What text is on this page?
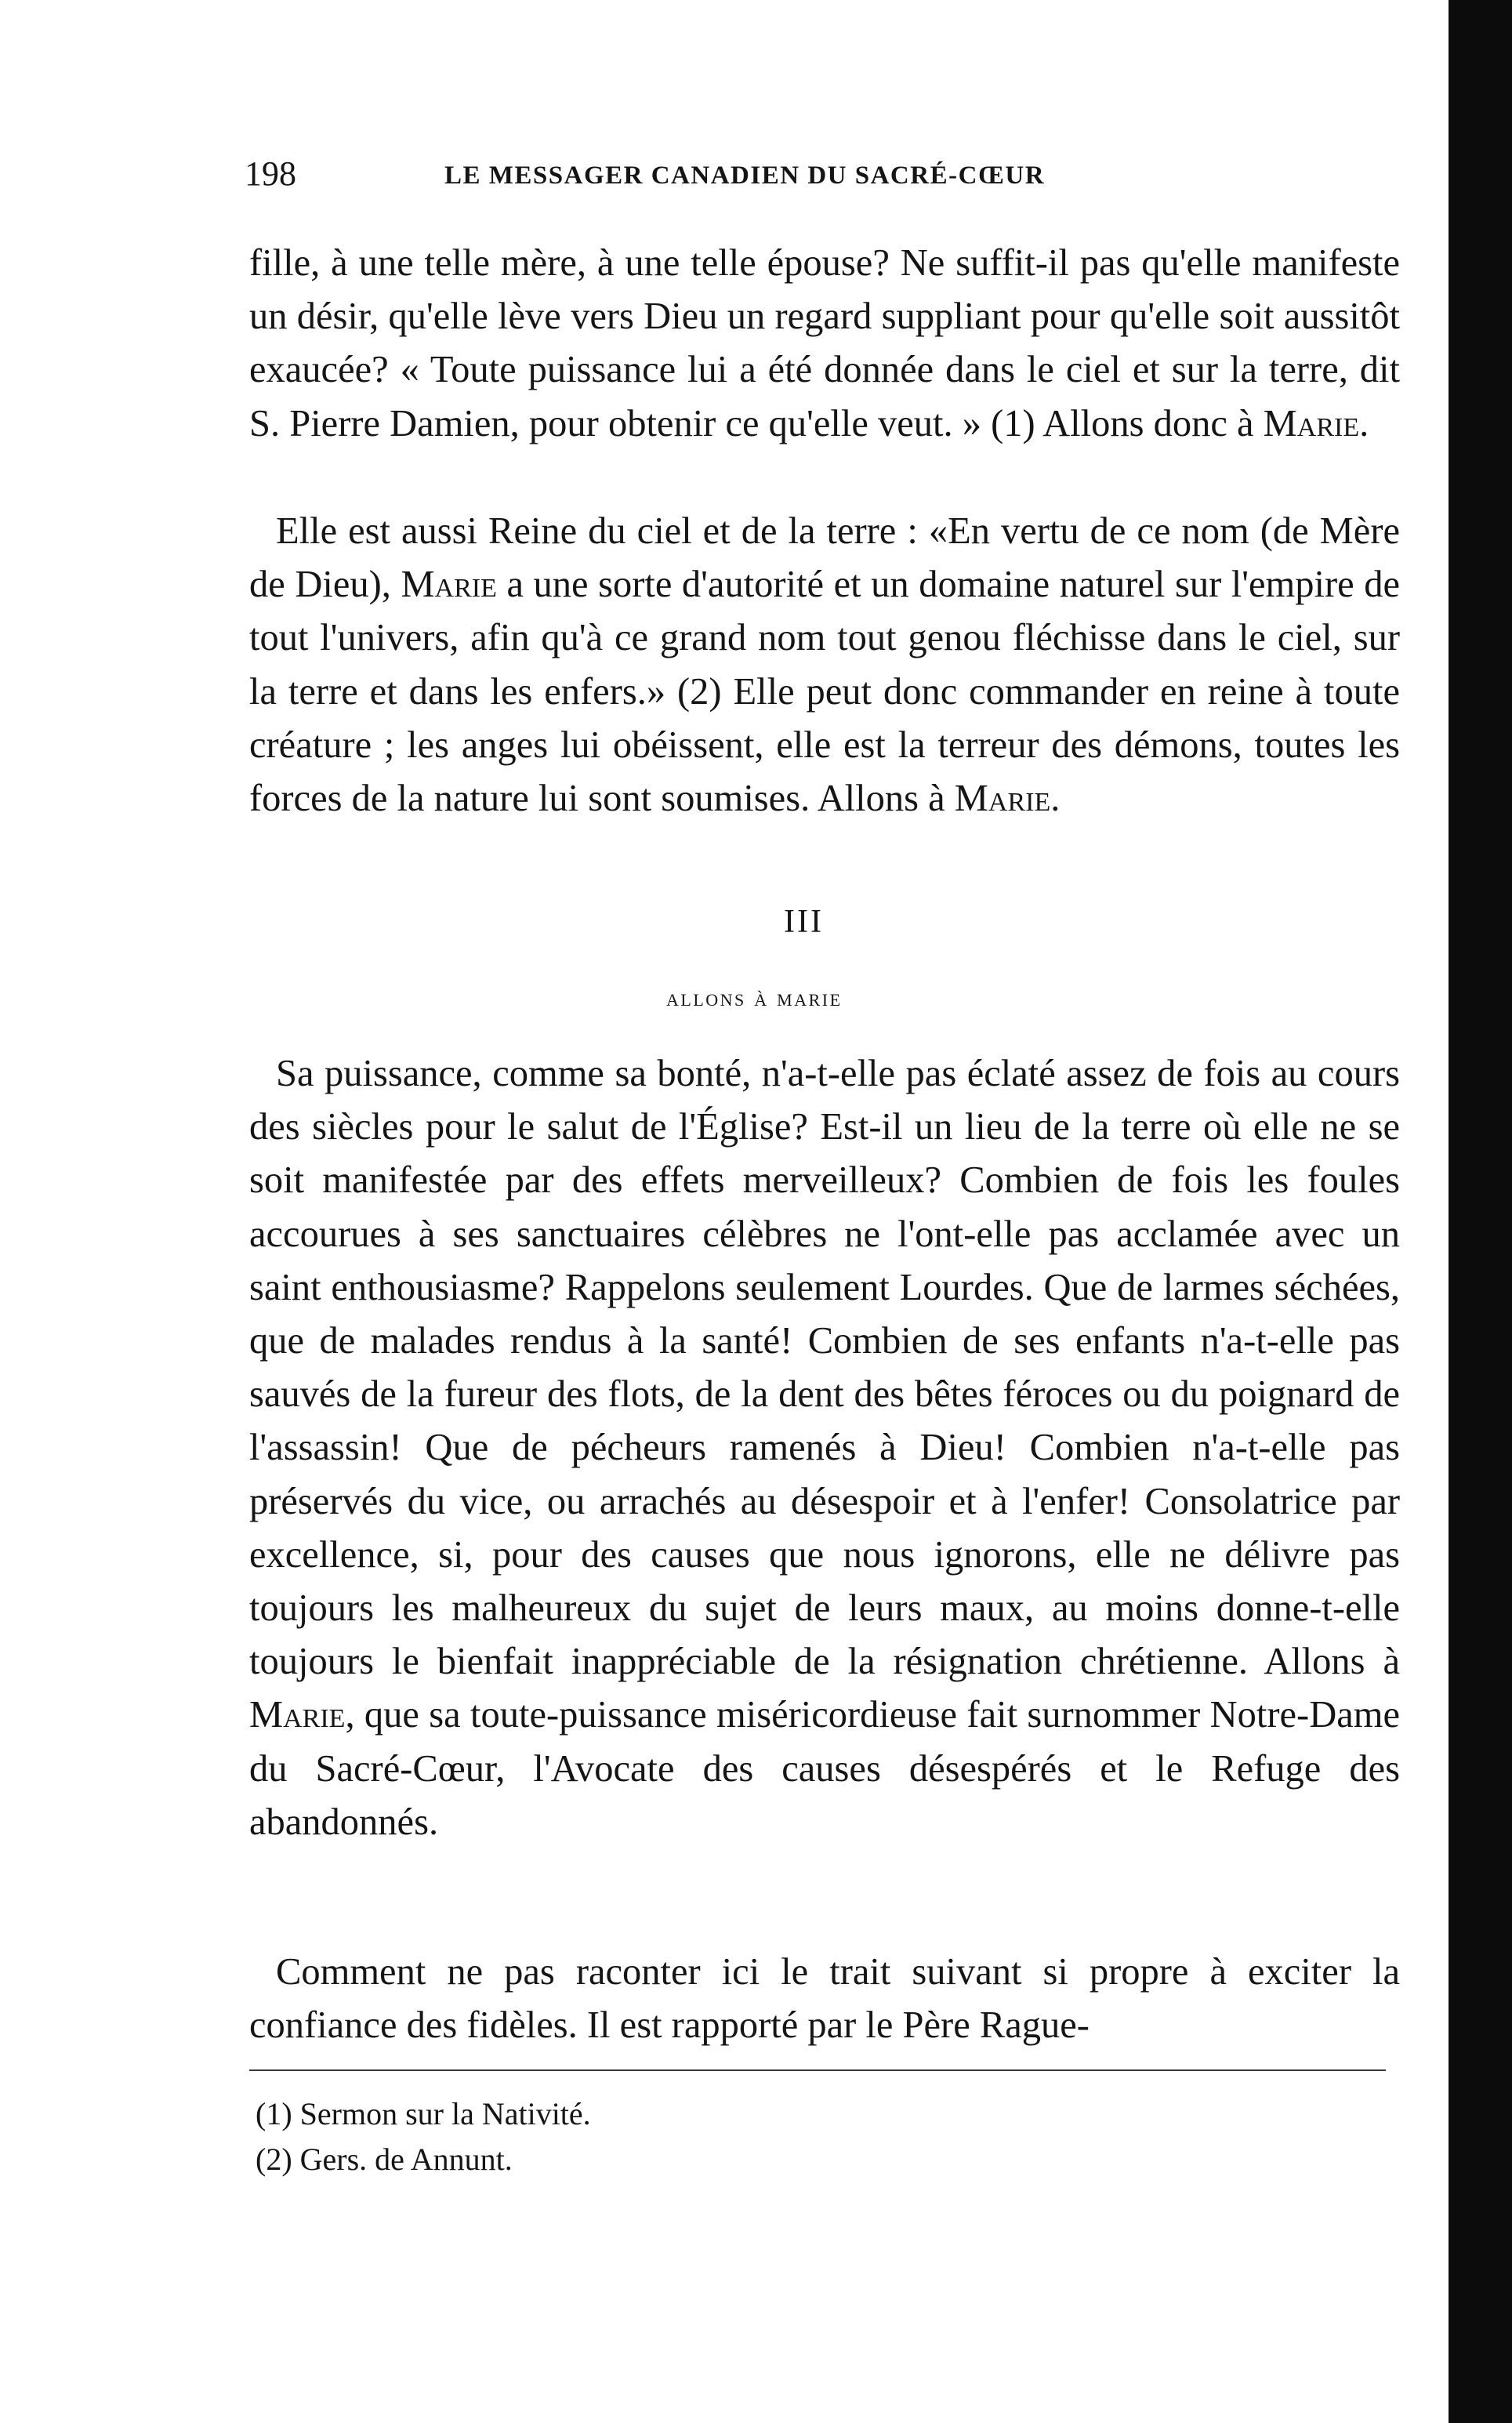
198	LE MESSAGER CANADIEN DU SACRÉ-CŒUR

fille, à une telle mère, à une telle épouse? Ne suffit-il pas qu'elle manifeste un désir, qu'elle lève vers Dieu un regard suppliant pour qu'elle soit aussitôt exaucée? « Toute puissance lui a été donnée dans le ciel et sur la terre, dit S. Pierre Damien, pour obtenir ce qu'elle veut. » (1) Allons donc à Marie.

Elle est aussi Reine du ciel et de la terre : «En vertu de ce nom (de Mère de Dieu), Marie a une sorte d'autorité et un domaine naturel sur l'empire de tout l'univers, afin qu'à ce grand nom tout genou fléchisse dans le ciel, sur la terre et dans les enfers.» (2) Elle peut donc commander en reine à toute créature ; les anges lui obéissent, elle est la terreur des démons, toutes les forces de la nature lui sont soumises. Allons à Marie.

III
allons à marie

Sa puissance, comme sa bonté, n'a-t-elle pas éclaté assez de fois au cours des siècles pour le salut de l'Église? Est-il un lieu de la terre où elle ne se soit manifestée par des effets merveilleux? Combien de fois les foules accourues à ses sanctuaires célèbres ne l'ont-elle pas acclamée avec un saint enthousiasme? Rappelons seulement Lourdes. Que de larmes séchées, que de malades rendus à la santé! Combien de ses enfants n'a-t-elle pas sauvés de la fureur des flots, de la dent des bêtes féroces ou du poignard de l'assassin! Que de pécheurs ramenés à Dieu! Combien n'a-t-elle pas préservés du vice, ou arrachés au désespoir et à l'enfer! Consolatrice par excellence, si, pour des causes que nous ignorons, elle ne délivre pas toujours les malheureux du sujet de leurs maux, au moins donne-t-elle toujours le bienfait inappréciable de la résignation chrétienne. Allons à Marie, que sa toute-puissance miséricordieuse fait surnommer Notre-Dame du Sacré-Cœur, l'Avocate des causes désespérés et le Refuge des abandonnés.

Comment ne pas raconter ici le trait suivant si propre à exciter la confiance des fidèles. Il est rapporté par le Père Rague-

(1) Sermon sur la Nativité.
(2) Gers. de Annunt.
